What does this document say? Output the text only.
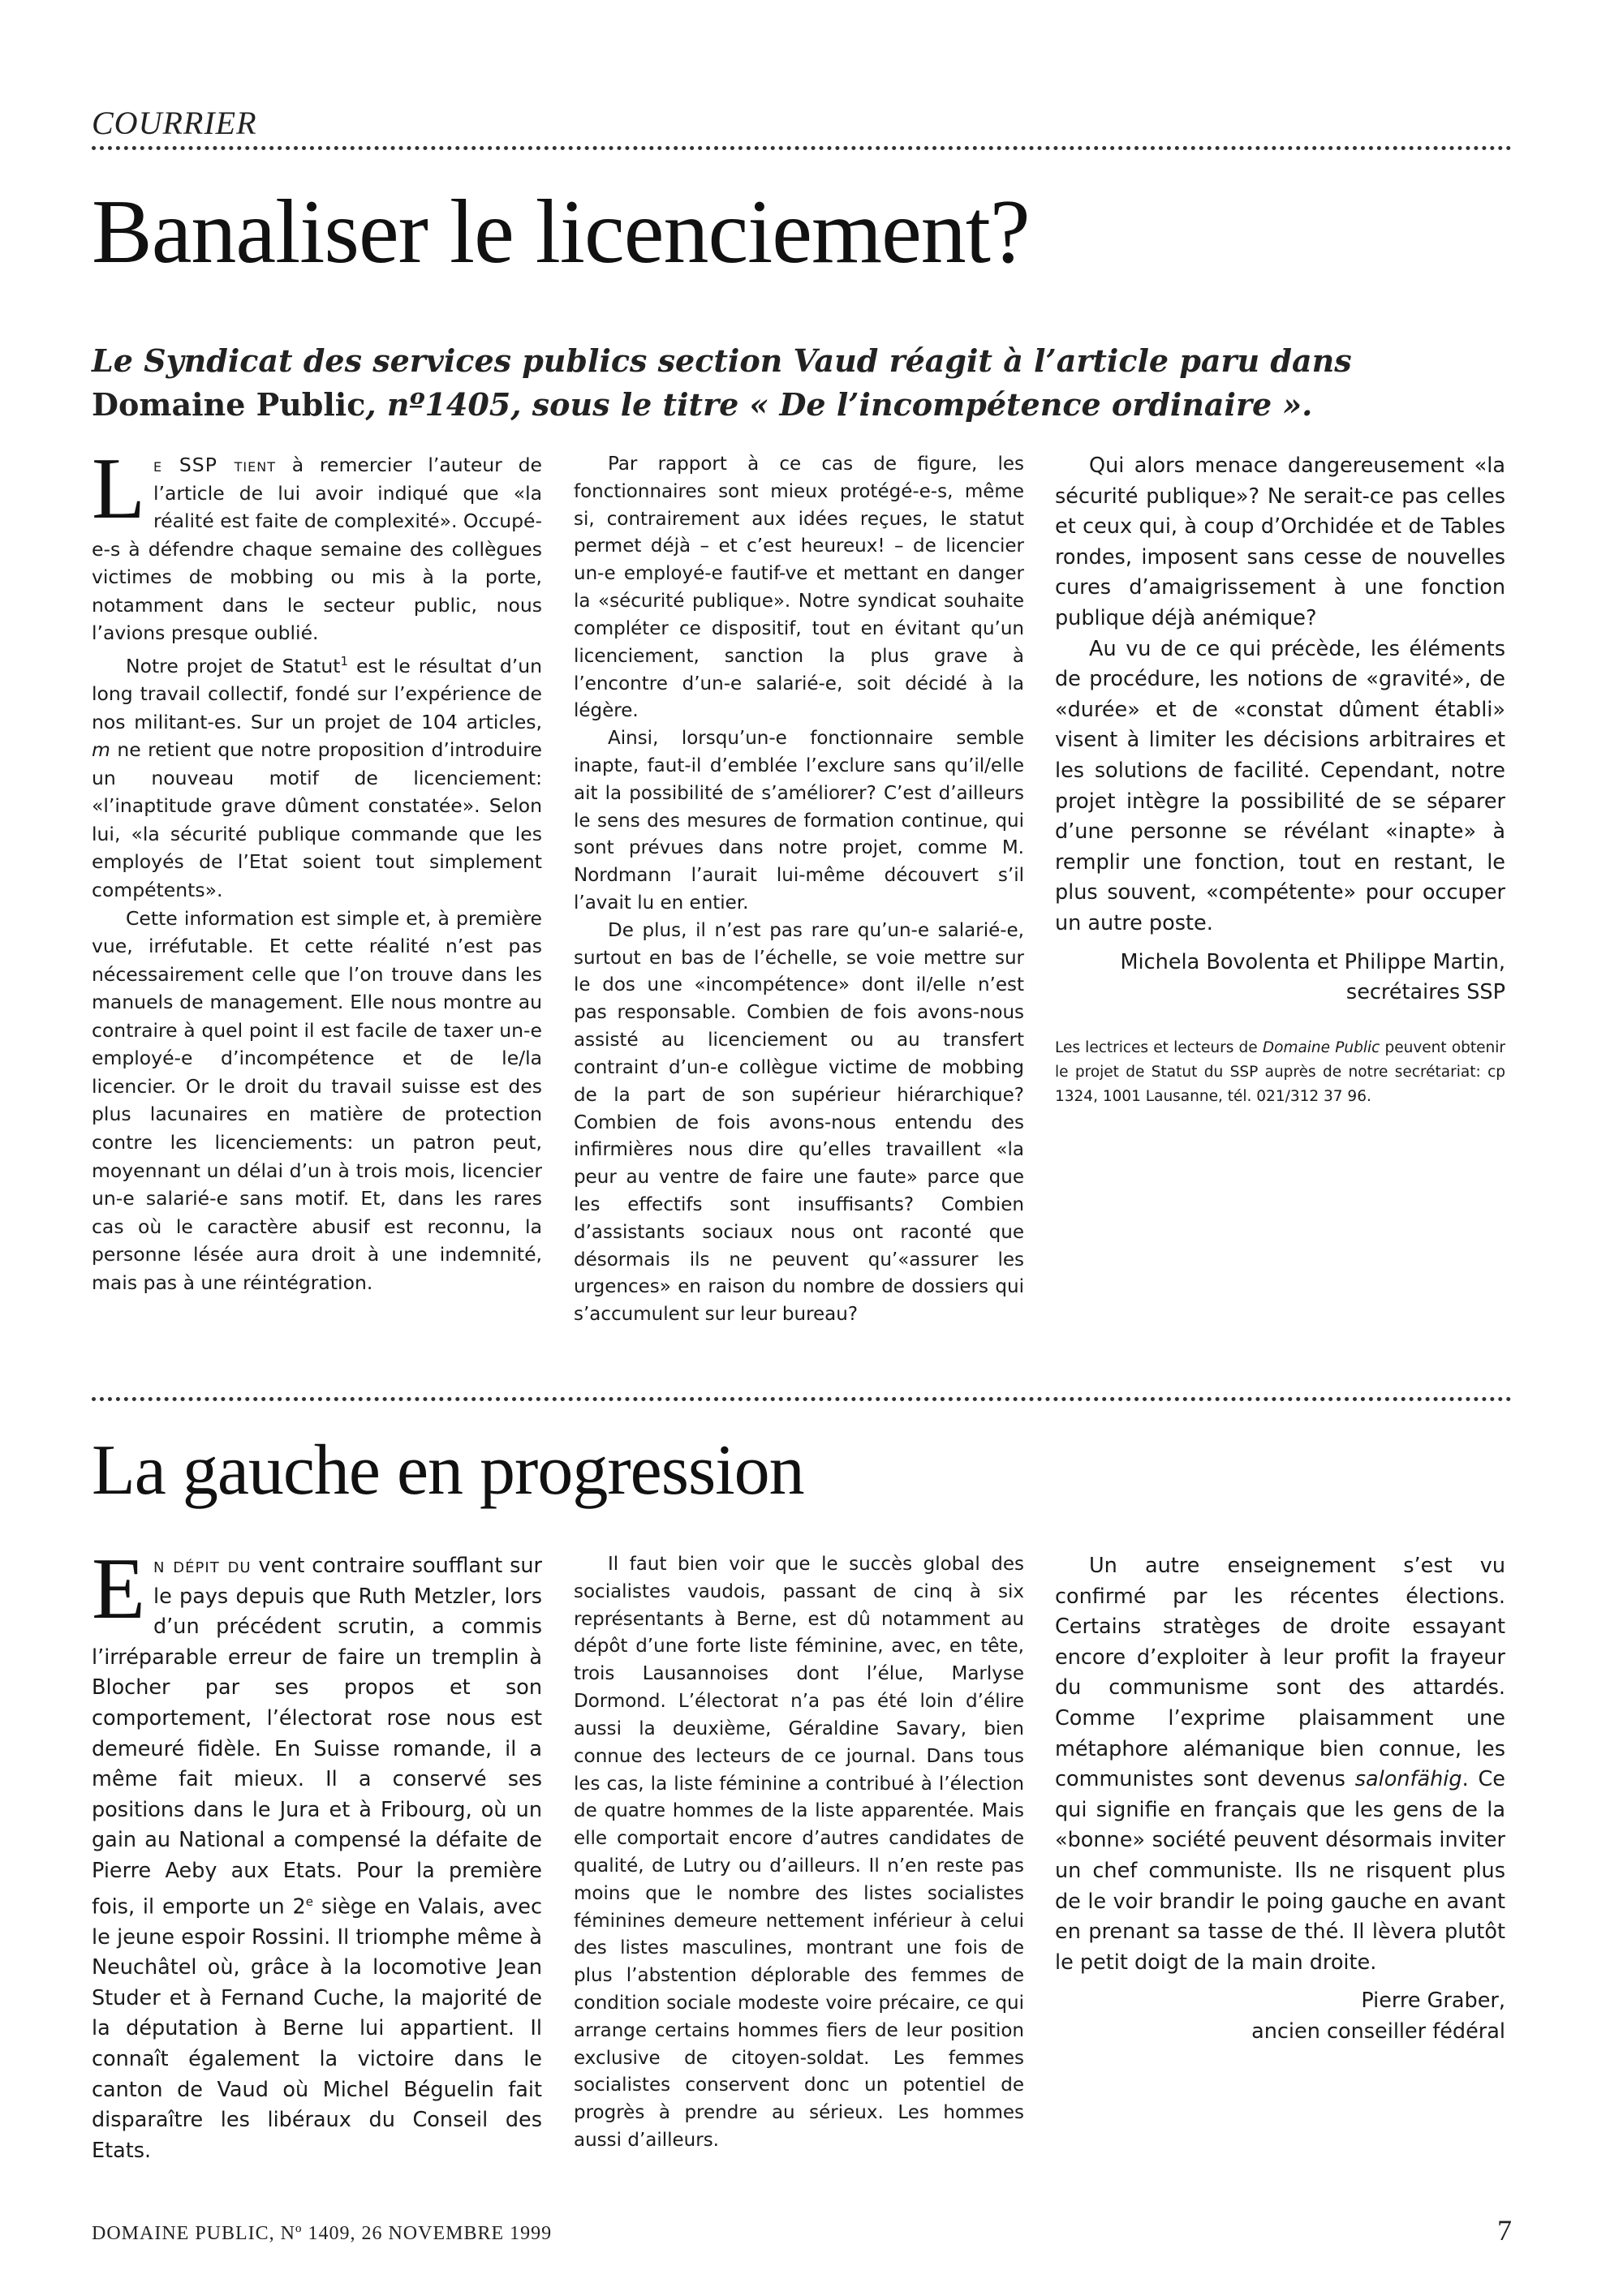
COURRIER
Banaliser le licenciement?
Le Syndicat des services publics section Vaud réagit à l’article paru dans
Domaine Public, nº1405, sous le titre « De l’incompétence ordinaire ».

Le SSP tient à remercier l’auteur de l’article de lui avoir indiqué que «la réalité est faite de complexité». Occupé-e-s à défendre chaque semaine des collègues victimes de mobbing ou mis à la porte, notamment dans le secteur public, nous l’avions presque oublié.

Notre projet de Statut$^1$ est le résultat d’un long travail collectif, fondé sur l’expérience de nos militant-es. Sur un projet de 104 articles, m ne retient que notre proposition d’introduire un nouveau motif de licenciement: «l’inaptitude grave dûment constatée». Selon lui, «la sécurité publique commande que les employés de l’Etat soient tout simplement compétents».

Cette information est simple et, à première vue, irréfutable. Et cette réalité n’est pas nécessairement celle que l’on trouve dans les manuels de management. Elle nous montre au contraire à quel point il est facile de taxer un-e employé-e d’incompétence et de le/la licencier. Or le droit du travail suisse est des plus lacunaires en matière de protection contre les licenciements: un patron peut, moyennant un délai d’un à trois mois, licencier un-e salarié-e sans motif. Et, dans les rares cas où le caractère abusif est reconnu, la personne lésée aura droit à une indemnité, mais pas à une réintégration.

Par rapport à ce cas de figure, les fonctionnaires sont mieux protégé-e-s, même si, contrairement aux idées reçues, le statut permet déjà – et c’est heureux! – de licencier un-e employé-e fautif-ve et mettant en danger la «sécurité publique». Notre syndicat souhaite compléter ce dispositif, tout en évitant qu’un licenciement, sanction la plus grave à l’encontre d’un-e salarié-e, soit décidé à la légère.

Ainsi, lorsqu’un-e fonctionnaire semble inapte, faut-il d’emblée l’exclure sans qu’il/elle ait la possibilité de s’améliorer? C’est d’ailleurs le sens des mesures de formation continue, qui sont prévues dans notre projet, comme M. Nordmann l’aurait lui-même découvert s’il l’avait lu en entier.

De plus, il n’est pas rare qu’un-e salarié-e, surtout en bas de l’échelle, se voie mettre sur le dos une «incompétence» dont il/elle n’est pas responsable. Combien de fois avons-nous assisté au licenciement ou au transfert contraint d’un-e collègue victime de mobbing de la part de son supérieur hiérarchique? Combien de fois avons-nous entendu des infirmières nous dire qu’elles travaillent «la peur au ventre de faire une faute» parce que les effectifs sont insuffisants? Combien d’assistants sociaux nous ont raconté que désormais ils ne peuvent qu’«assurer les urgences» en raison du nombre de dossiers qui s’accumulent sur leur bureau?

Qui alors menace dangereusement «la sécurité publique»? Ne serait-ce pas celles et ceux qui, à coup d’Orchidée et de Tables rondes, imposent sans cesse de nouvelles cures d’amaigrissement à une fonction publique déjà anémique?

Au vu de ce qui précède, les éléments de procédure, les notions de «gravité», de «durée» et de «constat dûment établi» visent à limiter les décisions arbitraires et les solutions de facilité. Cependant, notre projet intègre la possibilité de se séparer d’une personne se révélant «inapte» à remplir une fonction, tout en restant, le plus souvent, «compétente» pour occuper un autre poste.

Michela Bovolenta et Philippe Martin,
secrétaires SSP

Les lectrices et lecteurs de Domaine Public peuvent obtenir le projet de Statut du SSP auprès de notre secrétariat: cp 1324, 1001 Lausanne, tél. 021/312 37 96.
La gauche en progression

En dépit du vent contraire soufflant sur le pays depuis que Ruth Metzler, lors d’un précédent scrutin, a commis l’irréparable erreur de faire un tremplin à Blocher par ses propos et son comportement, l’électorat rose nous est demeuré fidèle. En Suisse romande, il a même fait mieux. Il a conservé ses positions dans le Jura et à Fribourg, où un gain au National a compensé la défaite de Pierre Aeby aux Etats. Pour la première fois, il emporte un 2e siège en Valais, avec le jeune espoir Rossini. Il triomphe même à Neuchâtel où, grâce à la locomotive Jean Studer et à Fernand Cuche, la majorité de la députation à Berne lui appartient. Il connaît également la victoire dans le canton de Vaud où Michel Béguelin fait disparaître les libéraux du Conseil des Etats.

Il faut bien voir que le succès global des socialistes vaudois, passant de cinq à six représentants à Berne, est dû notamment au dépôt d’une forte liste féminine, avec, en tête, trois Lausannoises dont l’élue, Marlyse Dormond. L’électorat n’a pas été loin d’élire aussi la deuxième, Géraldine Savary, bien connue des lecteurs de ce journal. Dans tous les cas, la liste féminine a contribué à l’élection de quatre hommes de la liste apparentée. Mais elle comportait encore d’autres candidates de qualité, de Lutry ou d’ailleurs. Il n’en reste pas moins que le nombre des listes socialistes féminines demeure nettement inférieur à celui des listes masculines, montrant une fois de plus l’abstention déplorable des femmes de condition sociale modeste voire précaire, ce qui arrange certains hommes fiers de leur position exclusive de citoyen-soldat. Les femmes socialistes conservent donc un potentiel de progrès à prendre au sérieux. Les hommes aussi d’ailleurs.

Un autre enseignement s’est vu confirmé par les récentes élections. Certains stratèges de droite essayant encore d’exploiter à leur profit la frayeur du communisme sont des attardés. Comme l’exprime plaisamment une métaphore alémanique bien connue, les communistes sont devenus salonfähig. Ce qui signifie en français que les gens de la «bonne» société peuvent désormais inviter un chef communiste. Ils ne risquent plus de le voir brandir le poing gauche en avant en prenant sa tasse de thé. Il lèvera plutôt le petit doigt de la main droite.

Pierre Graber,
ancien conseiller fédéral

DOMAINE PUBLIC, Nº 1409, 26 NOVEMBRE 1999	7
